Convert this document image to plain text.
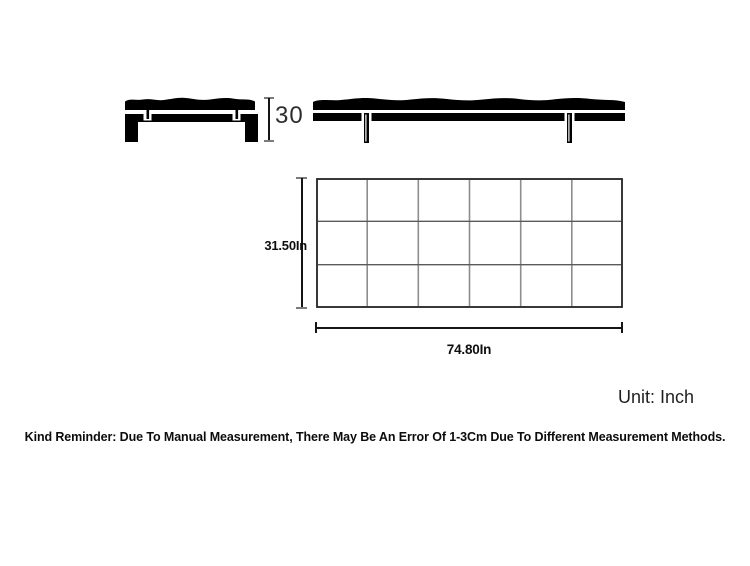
30
31.50In
74.80In
Unit: Inch
Kind Reminder: Due To Manual Measurement, There May Be An Error Of 1-3Cm Due To Different Measurement Methods.
